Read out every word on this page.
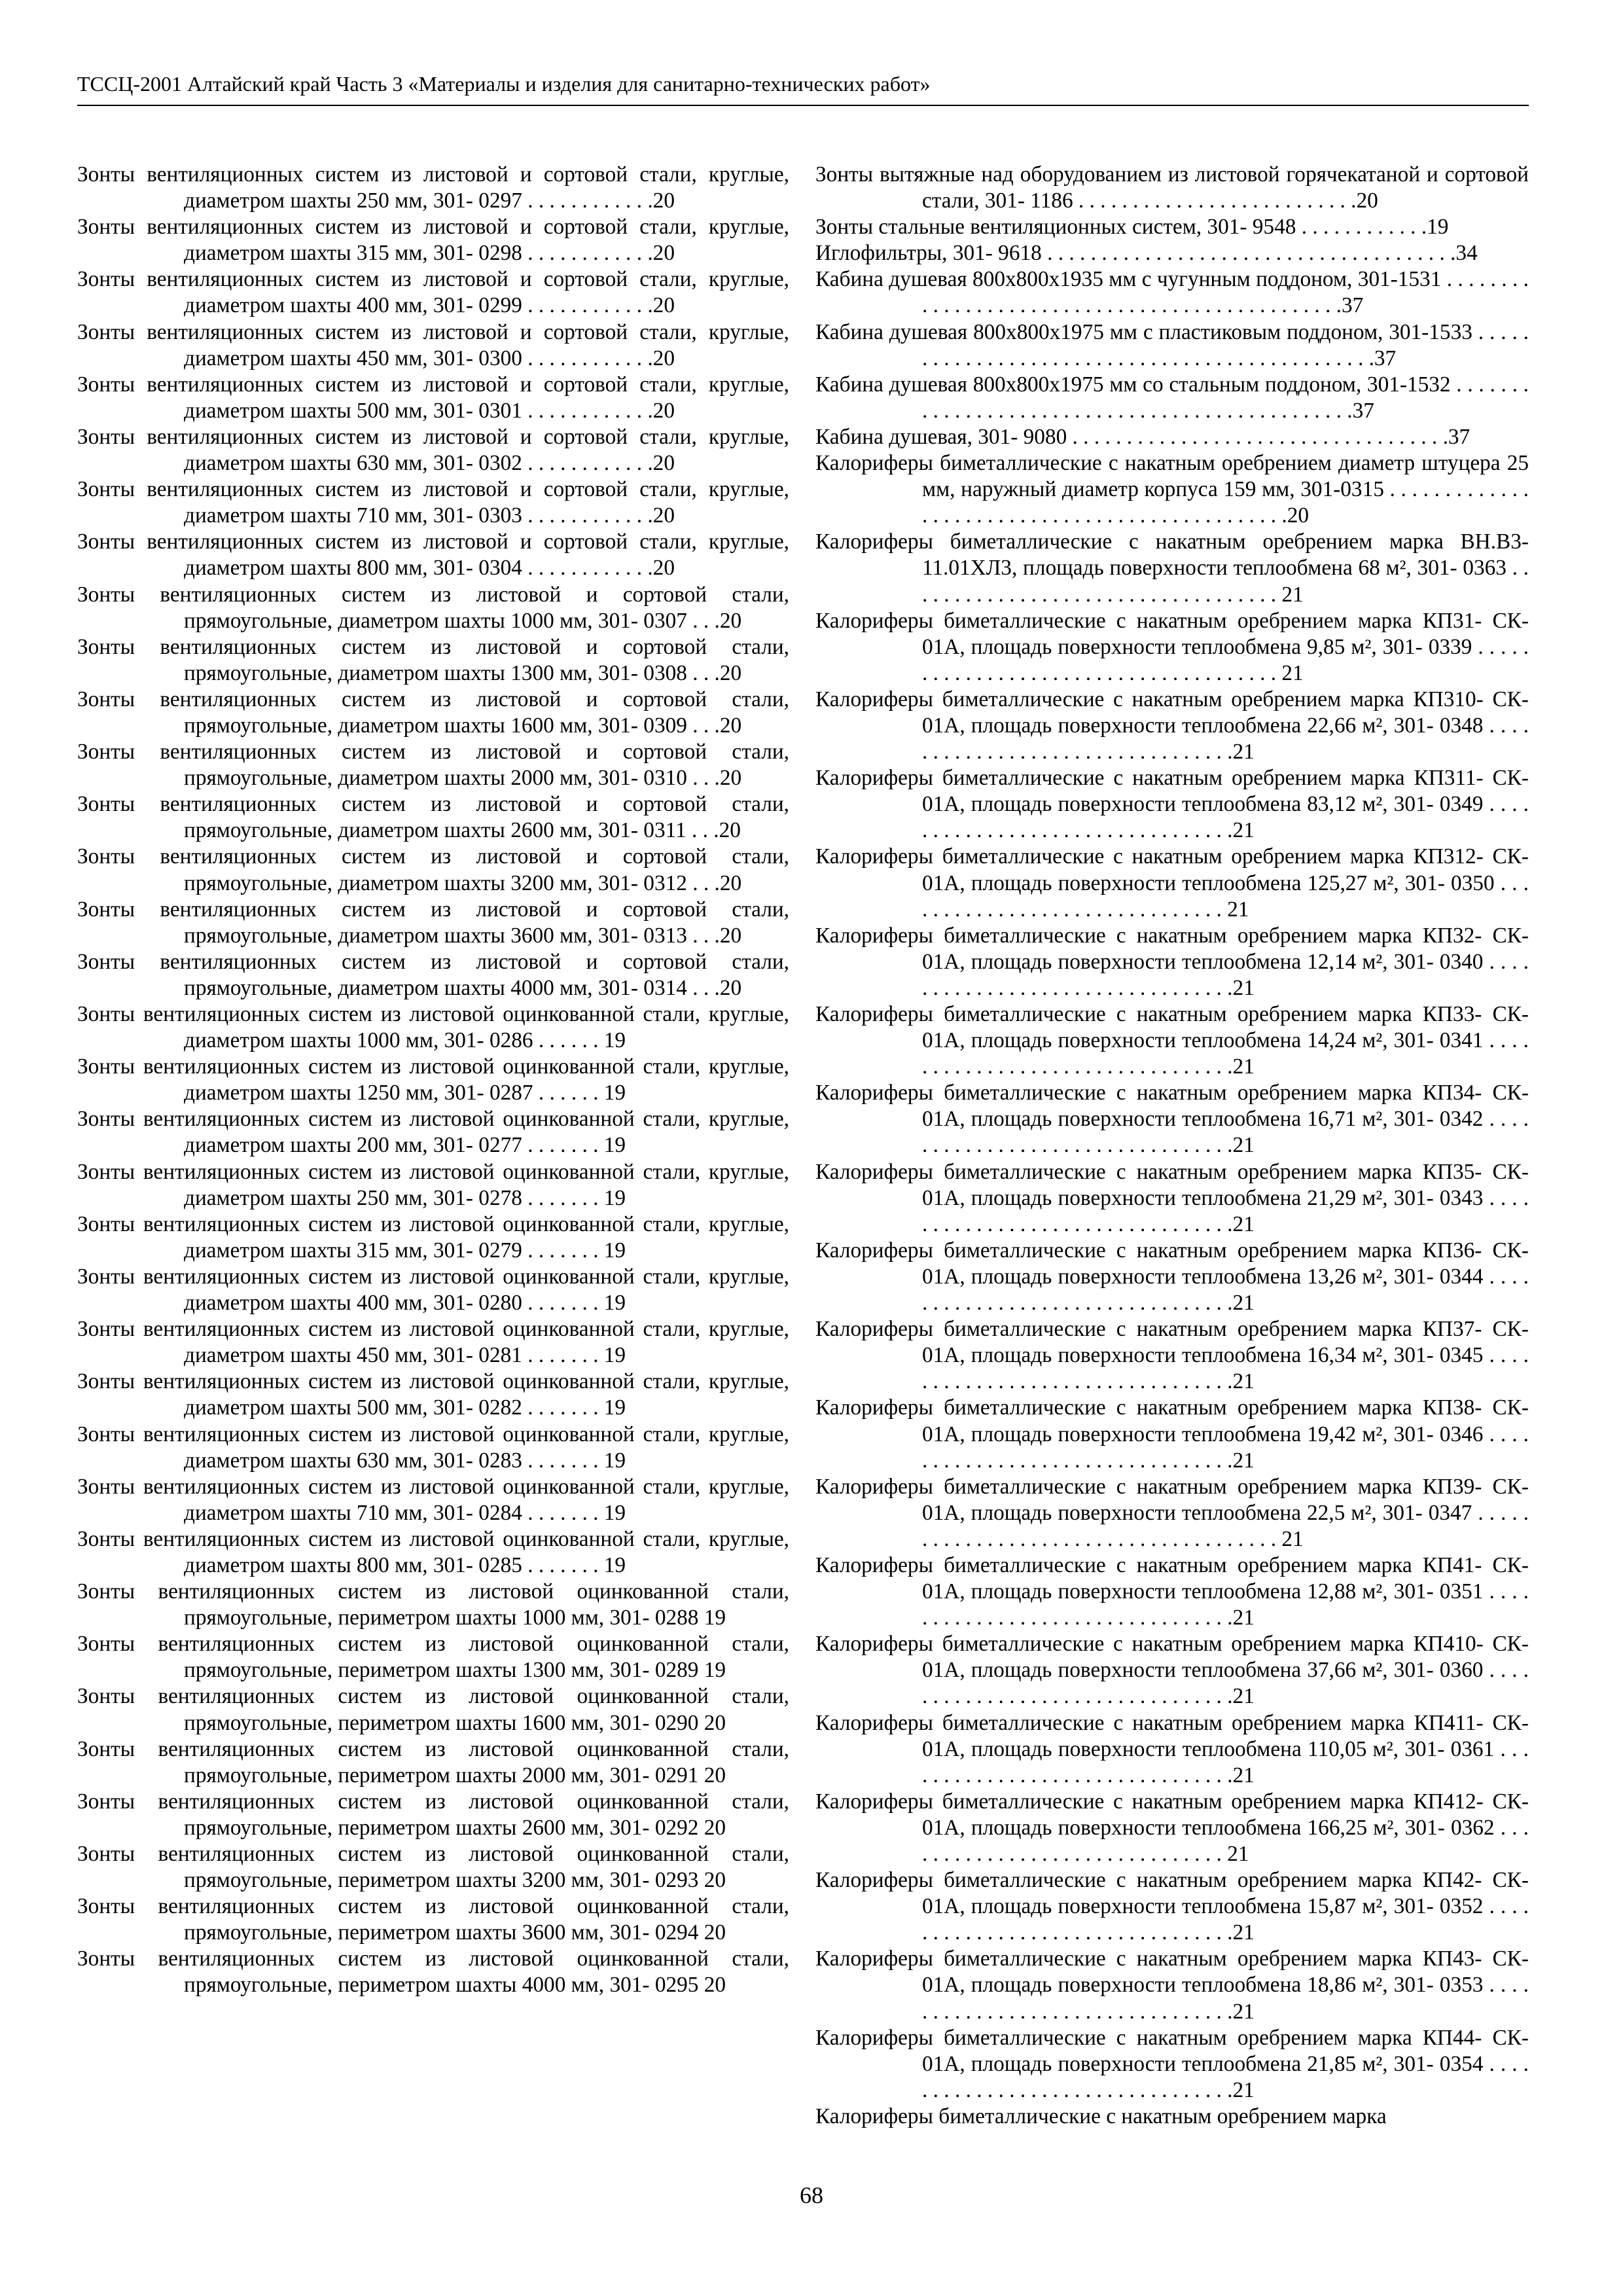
ТССЦ-2001 Алтайский край Часть 3 «Материалы и изделия для санитарно-технических работ»
Зонты вентиляционных систем из листовой и сортовой стали, круглые, диаметром шахты 250 мм, 301- 0297 . . . . . . . . . . . .20
Зонты вентиляционных систем из листовой и сортовой стали, круглые, диаметром шахты 315 мм, 301- 0298 . . . . . . . . . . . .20
Зонты вентиляционных систем из листовой и сортовой стали, круглые, диаметром шахты 400 мм, 301- 0299 . . . . . . . . . . . .20
Зонты вентиляционных систем из листовой и сортовой стали, круглые, диаметром шахты 450 мм, 301- 0300 . . . . . . . . . . . .20
Зонты вентиляционных систем из листовой и сортовой стали, круглые, диаметром шахты 500 мм, 301- 0301 . . . . . . . . . . . .20
Зонты вентиляционных систем из листовой и сортовой стали, круглые, диаметром шахты 630 мм, 301- 0302 . . . . . . . . . . . .20
Зонты вентиляционных систем из листовой и сортовой стали, круглые, диаметром шахты 710 мм, 301- 0303 . . . . . . . . . . . .20
Зонты вентиляционных систем из листовой и сортовой стали, круглые, диаметром шахты 800 мм, 301- 0304 . . . . . . . . . . . .20
Зонты вентиляционных систем из листовой и сортовой стали, прямоугольные, диаметром шахты 1000 мм, 301- 0307 . . .20
Зонты вентиляционных систем из листовой и сортовой стали, прямоугольные, диаметром шахты 1300 мм, 301- 0308 . . .20
Зонты вентиляционных систем из листовой и сортовой стали, прямоугольные, диаметром шахты 1600 мм, 301- 0309 . . .20
Зонты вентиляционных систем из листовой и сортовой стали, прямоугольные, диаметром шахты 2000 мм, 301- 0310 . . .20
Зонты вентиляционных систем из листовой и сортовой стали, прямоугольные, диаметром шахты 2600 мм, 301- 0311 . . .20
Зонты вентиляционных систем из листовой и сортовой стали, прямоугольные, диаметром шахты 3200 мм, 301- 0312 . . .20
Зонты вентиляционных систем из листовой и сортовой стали, прямоугольные, диаметром шахты 3600 мм, 301- 0313 . . .20
Зонты вентиляционных систем из листовой и сортовой стали, прямоугольные, диаметром шахты 4000 мм, 301- 0314 . . .20
Зонты вентиляционных систем из листовой оцинкованной стали, круглые, диаметром шахты 1000 мм, 301- 0286 . . . . . . 19
Зонты вентиляционных систем из листовой оцинкованной стали, круглые, диаметром шахты 1250 мм, 301- 0287 . . . . . . 19
Зонты вентиляционных систем из листовой оцинкованной стали, круглые, диаметром шахты 200 мм, 301- 0277 . . . . . . . 19
Зонты вентиляционных систем из листовой оцинкованной стали, круглые, диаметром шахты 250 мм, 301- 0278 . . . . . . . 19
Зонты вентиляционных систем из листовой оцинкованной стали, круглые, диаметром шахты 315 мм, 301- 0279 . . . . . . . 19
Зонты вентиляционных систем из листовой оцинкованной стали, круглые, диаметром шахты 400 мм, 301- 0280 . . . . . . . 19
Зонты вентиляционных систем из листовой оцинкованной стали, круглые, диаметром шахты 450 мм, 301- 0281 . . . . . . . 19
Зонты вентиляционных систем из листовой оцинкованной стали, круглые, диаметром шахты 500 мм, 301- 0282 . . . . . . . 19
Зонты вентиляционных систем из листовой оцинкованной стали, круглые, диаметром шахты 630 мм, 301- 0283 . . . . . . . 19
Зонты вентиляционных систем из листовой оцинкованной стали, круглые, диаметром шахты 710 мм, 301- 0284 . . . . . . . 19
Зонты вентиляционных систем из листовой оцинкованной стали, круглые, диаметром шахты 800 мм, 301- 0285 . . . . . . . 19
Зонты вентиляционных систем из листовой оцинкованной стали, прямоугольные, периметром шахты 1000 мм, 301- 0288 19
Зонты вентиляционных систем из листовой оцинкованной стали, прямоугольные, периметром шахты 1300 мм, 301- 0289 19
Зонты вентиляционных систем из листовой оцинкованной стали, прямоугольные, периметром шахты 1600 мм, 301- 0290 20
Зонты вентиляционных систем из листовой оцинкованной стали, прямоугольные, периметром шахты 2000 мм, 301- 0291 20
Зонты вентиляционных систем из листовой оцинкованной стали, прямоугольные, периметром шахты 2600 мм, 301- 0292 20
Зонты вентиляционных систем из листовой оцинкованной стали, прямоугольные, периметром шахты 3200 мм, 301- 0293 20
Зонты вентиляционных систем из листовой оцинкованной стали, прямоугольные, периметром шахты 3600 мм, 301- 0294 20
Зонты вентиляционных систем из листовой оцинкованной стали, прямоугольные, периметром шахты 4000 мм, 301- 0295 20
Зонты вытяжные над оборудованием из листовой горячекатаной и сортовой стали, 301- 1186 . . . . . . . . . . . . . . . . . . . . . . . . . .20
Зонты стальные вентиляционных систем, 301- 9548 . . . . . . . . . . . .19
Иглофильтры, 301- 9618 . . . . . . . . . . . . . . . . . . . . . . . . . . . . . . . . . . . . . .34
Кабина душевая 800х800х1935 мм с чугунным поддоном, 301-1531 . . . . . . . . . . . . . . . . . . . . . . . . . . . . . . . . . . . . . . . . . . . . . . .37
Кабина душевая 800х800х1975 мм с пластиковым поддоном, 301-1533 . . . . . . . . . . . . . . . . . . . . . . . . . . . . . . . . . . . . . . . . . . . . . . .37
Кабина душевая 800х800х1975 мм со стальным поддоном, 301-1532 . . . . . . . . . . . . . . . . . . . . . . . . . . . . . . . . . . . . . . . . . . . . . . .37
Кабина душевая, 301- 9080 . . . . . . . . . . . . . . . . . . . . . . . . . . . . . . . . . . .37
Калориферы биметаллические с накатным оребрением диаметр штуцера 25 мм, наружный диаметр корпуса 159 мм, 301-0315 . . . . . . . . . . . . . . . . . . . . . . . . . . . . . . . . . . . . . . . . . . . . . . .20
Калориферы биметаллические с накатным оребрением марка ВН.В3- 11.01ХЛ3, площадь поверхности теплообмена 68 м², 301- 0363 . . . . . . . . . . . . . . . . . . . . . . . . . . . . . . . . . . . 21
Калориферы биметаллические с накатным оребрением марка КП31- СК- 01А, площадь поверхности теплообмена 9,85 м², 301- 0339 . . . . . . . . . . . . . . . . . . . . . . . . . . . . . . . . . . . . . . 21
Калориферы биметаллические с накатным оребрением марка КП310- СК- 01А, площадь поверхности теплообмена 22,66 м², 301- 0348 . . . . . . . . . . . . . . . . . . . . . . . . . . . . . . . . .21
Калориферы биметаллические с накатным оребрением марка КП311- СК- 01А, площадь поверхности теплообмена 83,12 м², 301- 0349 . . . . . . . . . . . . . . . . . . . . . . . . . . . . . . . . .21
Калориферы биметаллические с накатным оребрением марка КП312- СК- 01А, площадь поверхности теплообмена 125,27 м², 301- 0350 . . . . . . . . . . . . . . . . . . . . . . . . . . . . . . . 21
Калориферы биметаллические с накатным оребрением марка КП32- СК- 01А, площадь поверхности теплообмена 12,14 м², 301- 0340 . . . . . . . . . . . . . . . . . . . . . . . . . . . . . . . . .21
Калориферы биметаллические с накатным оребрением марка КП33- СК- 01А, площадь поверхности теплообмена 14,24 м², 301- 0341 . . . . . . . . . . . . . . . . . . . . . . . . . . . . . . . . .21
Калориферы биметаллические с накатным оребрением марка КП34- СК- 01А, площадь поверхности теплообмена 16,71 м², 301- 0342 . . . . . . . . . . . . . . . . . . . . . . . . . . . . . . . . .21
Калориферы биметаллические с накатным оребрением марка КП35- СК- 01А, площадь поверхности теплообмена 21,29 м², 301- 0343 . . . . . . . . . . . . . . . . . . . . . . . . . . . . . . . . .21
Калориферы биметаллические с накатным оребрением марка КП36- СК- 01А, площадь поверхности теплообмена 13,26 м², 301- 0344 . . . . . . . . . . . . . . . . . . . . . . . . . . . . . . . . .21
Калориферы биметаллические с накатным оребрением марка КП37- СК- 01А, площадь поверхности теплообмена 16,34 м², 301- 0345 . . . . . . . . . . . . . . . . . . . . . . . . . . . . . . . . .21
Калориферы биметаллические с накатным оребрением марка КП38- СК- 01А, площадь поверхности теплообмена 19,42 м², 301- 0346 . . . . . . . . . . . . . . . . . . . . . . . . . . . . . . . . .21
Калориферы биметаллические с накатным оребрением марка КП39- СК- 01А, площадь поверхности теплообмена 22,5 м², 301- 0347 . . . . . . . . . . . . . . . . . . . . . . . . . . . . . . . . . . . . . . 21
Калориферы биметаллические с накатным оребрением марка КП41- СК- 01А, площадь поверхности теплообмена 12,88 м², 301- 0351 . . . . . . . . . . . . . . . . . . . . . . . . . . . . . . . . .21
Калориферы биметаллические с накатным оребрением марка КП410- СК- 01А, площадь поверхности теплообмена 37,66 м², 301- 0360 . . . . . . . . . . . . . . . . . . . . . . . . . . . . . . . . .21
Калориферы биметаллические с накатным оребрением марка КП411- СК- 01А, площадь поверхности теплообмена 110,05 м², 301- 0361 . . . . . . . . . . . . . . . . . . . . . . . . . . . . . . . .21
Калориферы биметаллические с накатным оребрением марка КП412- СК- 01А, площадь поверхности теплообмена 166,25 м², 301- 0362 . . . . . . . . . . . . . . . . . . . . . . . . . . . . . . . 21
Калориферы биметаллические с накатным оребрением марка КП42- СК- 01А, площадь поверхности теплообмена 15,87 м², 301- 0352 . . . . . . . . . . . . . . . . . . . . . . . . . . . . . . . . .21
Калориферы биметаллические с накатным оребрением марка КП43- СК- 01А, площадь поверхности теплообмена 18,86 м², 301- 0353 . . . . . . . . . . . . . . . . . . . . . . . . . . . . . . . . .21
Калориферы биметаллические с накатным оребрением марка КП44- СК- 01А, площадь поверхности теплообмена 21,85 м², 301- 0354 . . . . . . . . . . . . . . . . . . . . . . . . . . . . . . . . .21
Калориферы биметаллические с накатным оребрением марка
68
